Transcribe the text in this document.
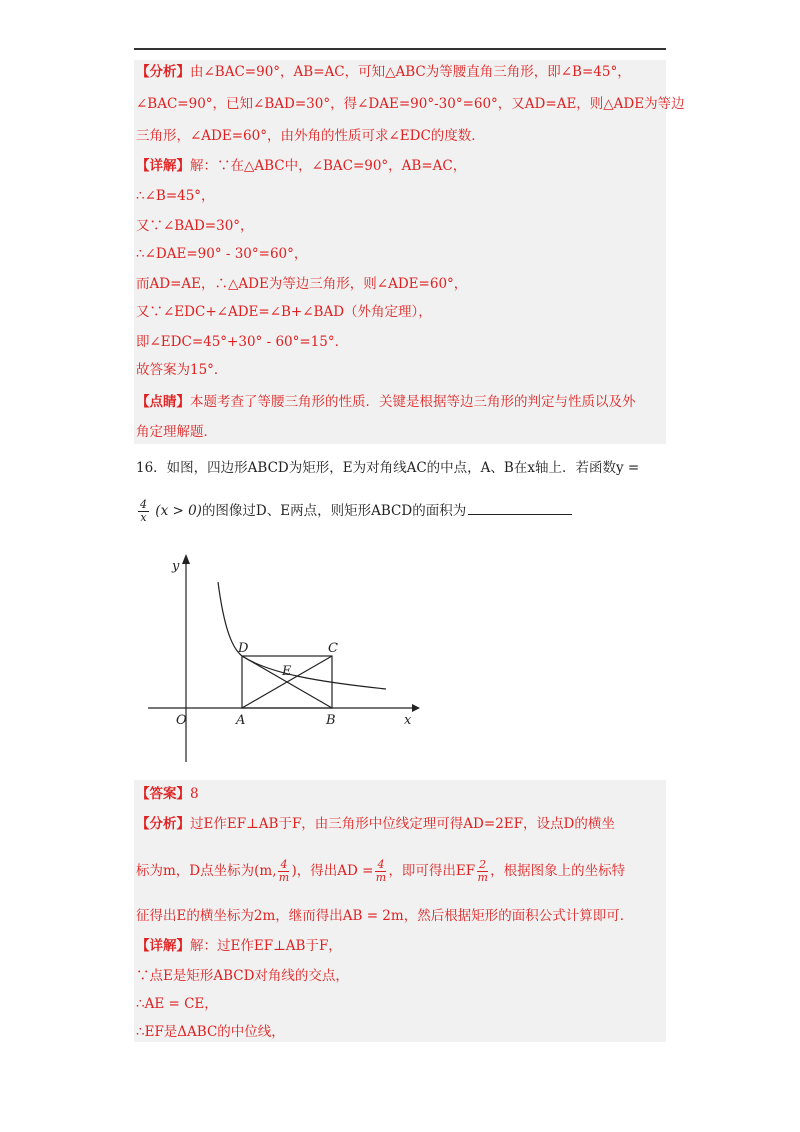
【分析】由∠BAC=90°，AB=AC，可知△ABC为等腰直角三角形，即∠B=45°，
∠BAC=90°，已知∠BAD=30°，得∠DAE=90°-30°=60°，又AD=AE，则△ADE为等边
三角形，∠ADE=60°，由外角的性质可求∠EDC的度数．
【详解】解：∵在△ABC中，∠BAC=90°，AB=AC，
∴∠B=45°，
又∵∠BAD=30°，
∴∠DAE=90° - 30°=60°，
而AD=AE，∴△ADE为等边三角形，则∠ADE=60°，
又∵∠EDC+∠ADE=∠B+∠BAD（外角定理），
即∠EDC=45°+30° - 60°=15°．
故答案为15°．
【点睛】本题考查了等腰三角形的性质．关键是根据等边三角形的判定与性质以及外
角定理解题．
16．如图，四边形ABCD为矩形，E为对角线AC的中点，A、B在x轴上．若函数y =
$\frac{4}{x} (x > 0)$的图像过D、E两点，则矩形ABCD的面积为
y
x
O	A	B
C
D
E
【答案】8
【分析】过E作EF⊥AB于F，由三角形中位线定理可得AD=2EF，设点D的横坐
标为m，D点坐标为(m, $\frac{4}{m}$ )，得出AD = $\frac{4}{m}$ ，即可得出EF $\frac{2}{m}$ ，根据图象上的坐标特
征得出E的横坐标为2m，继而得出AB = 2m，然后根据矩形的面积公式计算即可．
【详解】解：过E作EF⊥AB于F，
∵点E是矩形ABCD对角线的交点，
∴AE = CE，
∴EF是ΔABC的中位线，
